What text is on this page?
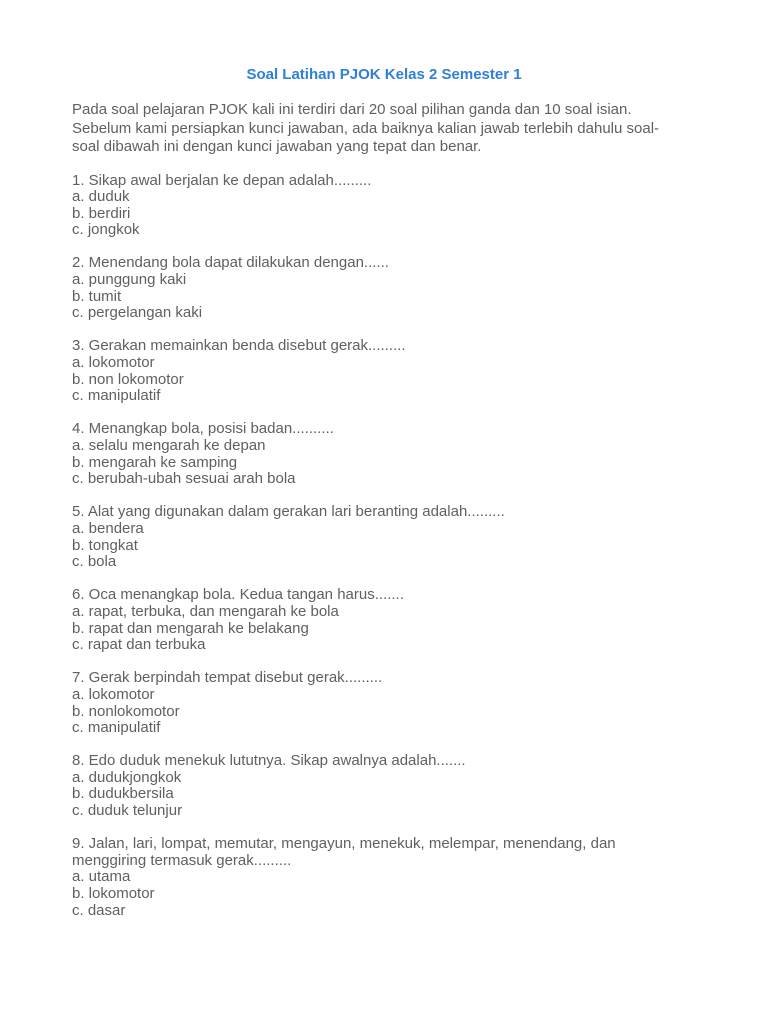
Soal Latihan PJOK Kelas 2 Semester 1
Pada soal pelajaran PJOK kali ini terdiri dari 20 soal pilihan ganda dan 10 soal isian.
Sebelum kami persiapkan kunci jawaban, ada baiknya kalian jawab terlebih dahulu soal-
soal dibawah ini dengan kunci jawaban yang tepat dan benar.
1. Sikap awal berjalan ke depan adalah.........
a. duduk
b. berdiri
c. jongkok
2. Menendang bola dapat dilakukan dengan......
a. punggung kaki
b. tumit
c. pergelangan kaki
3. Gerakan memainkan benda disebut gerak.........
a. lokomotor
b. non lokomotor
c. manipulatif
4. Menangkap bola, posisi badan..........
a. selalu mengarah ke depan
b. mengarah ke samping
c. berubah-ubah sesuai arah bola
5. Alat yang digunakan dalam gerakan lari beranting adalah.........
a. bendera
b. tongkat
c. bola
6. Oca menangkap bola. Kedua tangan harus.......
a. rapat, terbuka, dan mengarah ke bola
b. rapat dan mengarah ke belakang
c. rapat dan terbuka
7. Gerak berpindah tempat disebut gerak.........
a. lokomotor
b. nonlokomotor
c. manipulatif
8. Edo duduk menekuk lututnya. Sikap awalnya adalah.......
a. dudukjongkok
b. dudukbersila
c. duduk telunjur
9. Jalan, lari, lompat, memutar, mengayun, menekuk, melempar, menendang, dan
menggiring termasuk gerak.........
a. utama
b. lokomotor
c. dasar
